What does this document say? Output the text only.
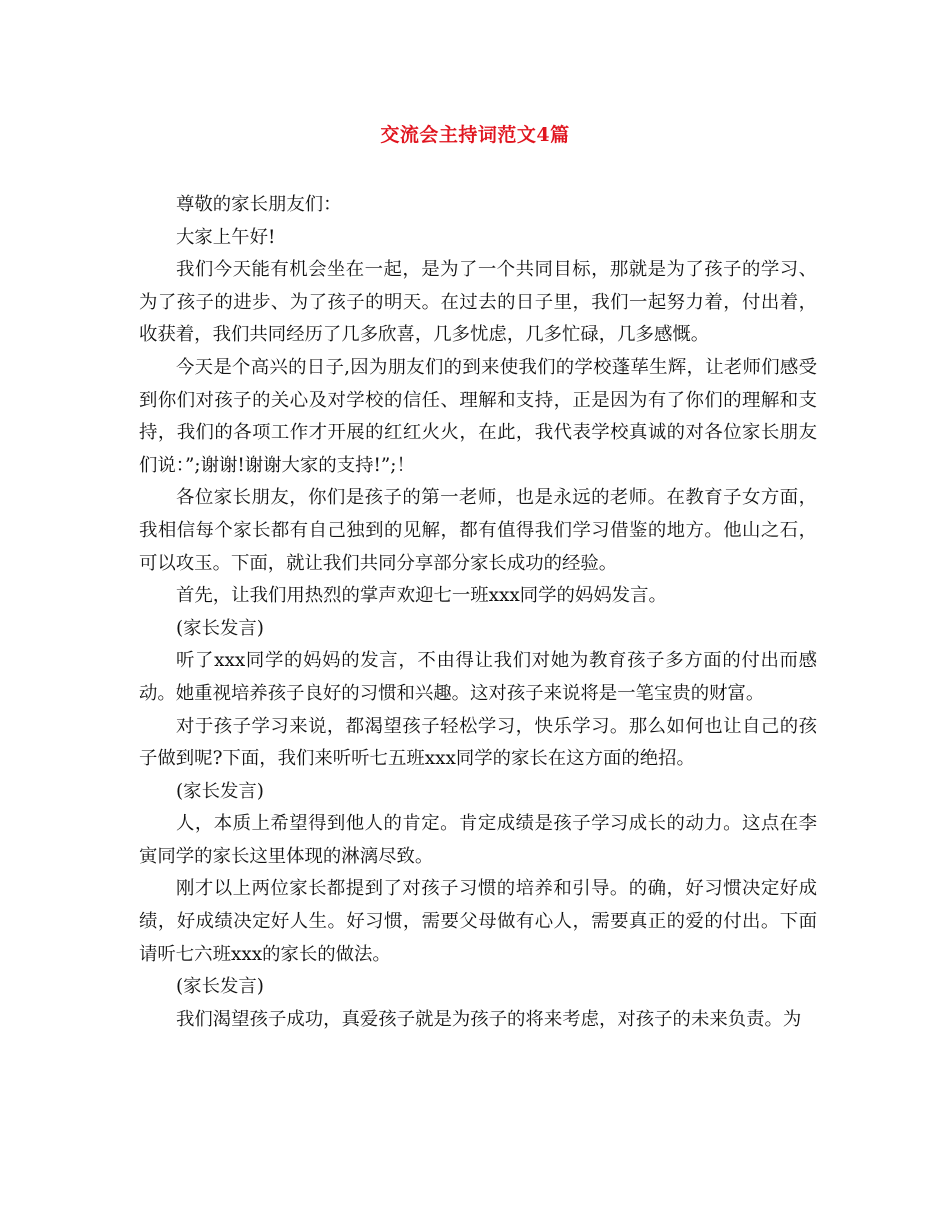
交流会主持词范文4篇

尊敬的家长朋友们：

大家上午好!

我们今天能有机会坐在一起，是为了一个共同目标，那就是为了孩子的学习、为了孩子的进步、为了孩子的明天。在过去的日子里，我们一起努力着，付出着，收获着，我们共同经历了几多欣喜，几多忧虑，几多忙碌，几多感慨。

今天是个高兴的日子,因为朋友们的到来使我们的学校蓬荜生辉，让老师们感受到你们对孩子的关心及对学校的信任、理解和支持，正是因为有了你们的理解和支持，我们的各项工作才开展的红红火火，在此，我代表学校真诚的对各位家长朋友们说：”;谢谢!谢谢大家的支持!”;！

各位家长朋友，你们是孩子的第一老师，也是永远的老师。在教育子女方面，我相信每个家长都有自己独到的见解，都有值得我们学习借鉴的地方。他山之石，可以攻玉。下面，就让我们共同分享部分家长成功的经验。

首先，让我们用热烈的掌声欢迎七一班xxx同学的妈妈发言。

(家长发言)

听了xxx同学的妈妈的发言，不由得让我们对她为教育孩子多方面的付出而感动。她重视培养孩子良好的习惯和兴趣。这对孩子来说将是一笔宝贵的财富。

对于孩子学习来说，都渴望孩子轻松学习，快乐学习。那么如何也让自己的孩子做到呢?下面，我们来听听七五班xxx同学的家长在这方面的绝招。

(家长发言)

人，本质上希望得到他人的肯定。肯定成绩是孩子学习成长的动力。这点在李寅同学的家长这里体现的淋漓尽致。

刚才以上两位家长都提到了对孩子习惯的培养和引导。的确，好习惯决定好成绩，好成绩决定好人生。好习惯，需要父母做有心人，需要真正的爱的付出。下面请听七六班xxx的家长的做法。

(家长发言)

我们渴望孩子成功，真爱孩子就是为孩子的将来考虑，对孩子的未来负责。为
